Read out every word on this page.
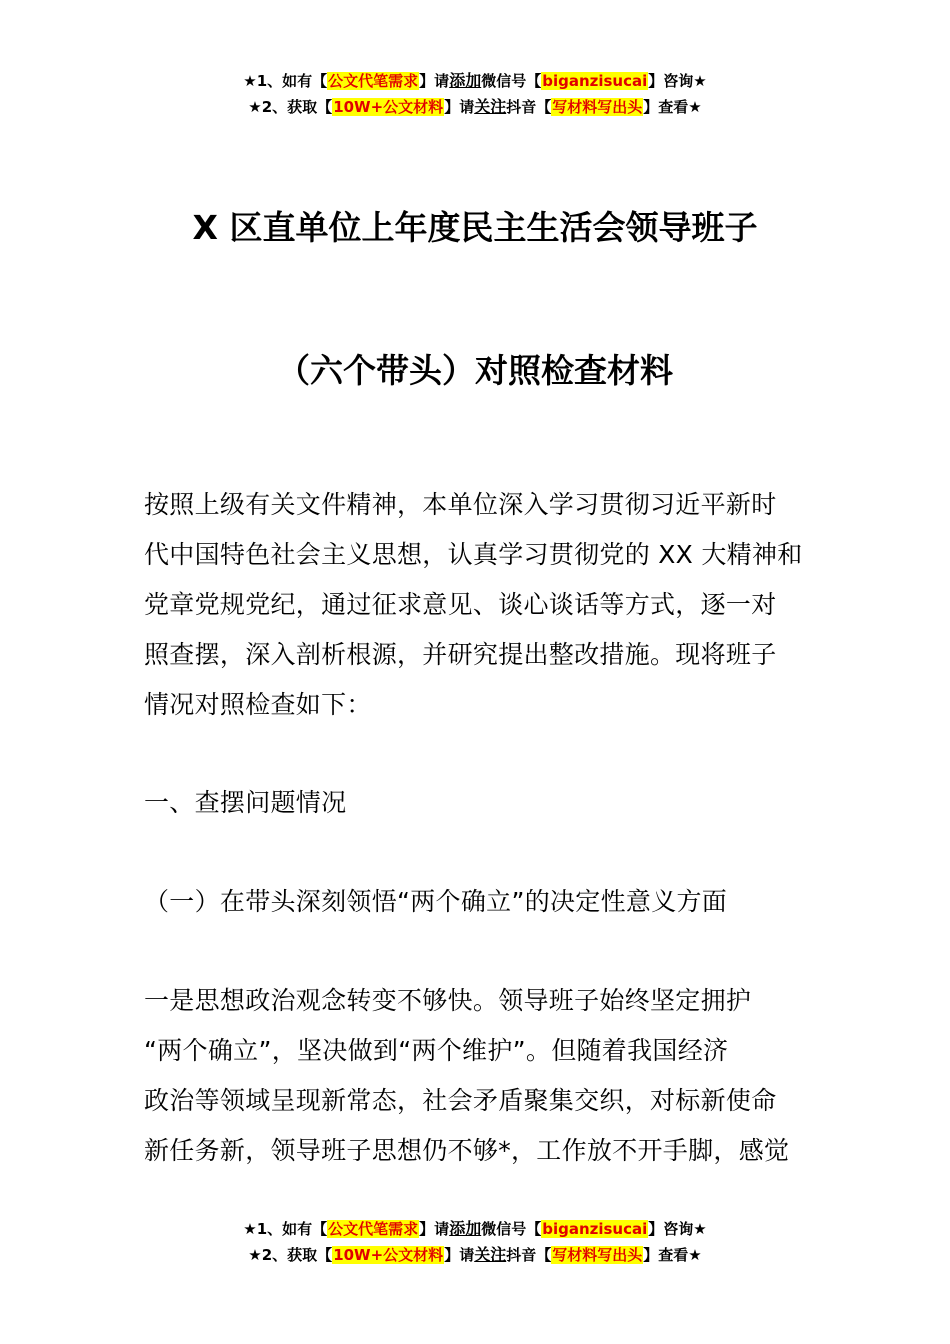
★1、如有【公文代笔需求】请添加微信号【biganzisucai】咨询★
★2、获取【10W+公文材料】请关注抖音【写材料写出头】查看★
X 区直单位上年度民主生活会领导班子
（六个带头）对照检查材料
按照上级有关文件精神，本单位深入学习贯彻习近平新时
代中国特色社会主义思想，认真学习贯彻党的 XX 大精神和
党章党规党纪，通过征求意见、谈心谈话等方式，逐一对
照查摆，深入剖析根源，并研究提出整改措施。现将班子
情况对照检查如下：
一、查摆问题情况
（一）在带头深刻领悟“两个确立”的决定性意义方面
一是思想政治观念转变不够快。领导班子始终坚定拥护
“两个确立”，坚决做到“两个维护”。但随着我国经济
政治等领域呈现新常态，社会矛盾聚集交织，对标新使命
新任务新，领导班子思想仍不够*，工作放不开手脚，感觉
★1、如有【公文代笔需求】请添加微信号【biganzisucai】咨询★
★2、获取【10W+公文材料】请关注抖音【写材料写出头】查看★
